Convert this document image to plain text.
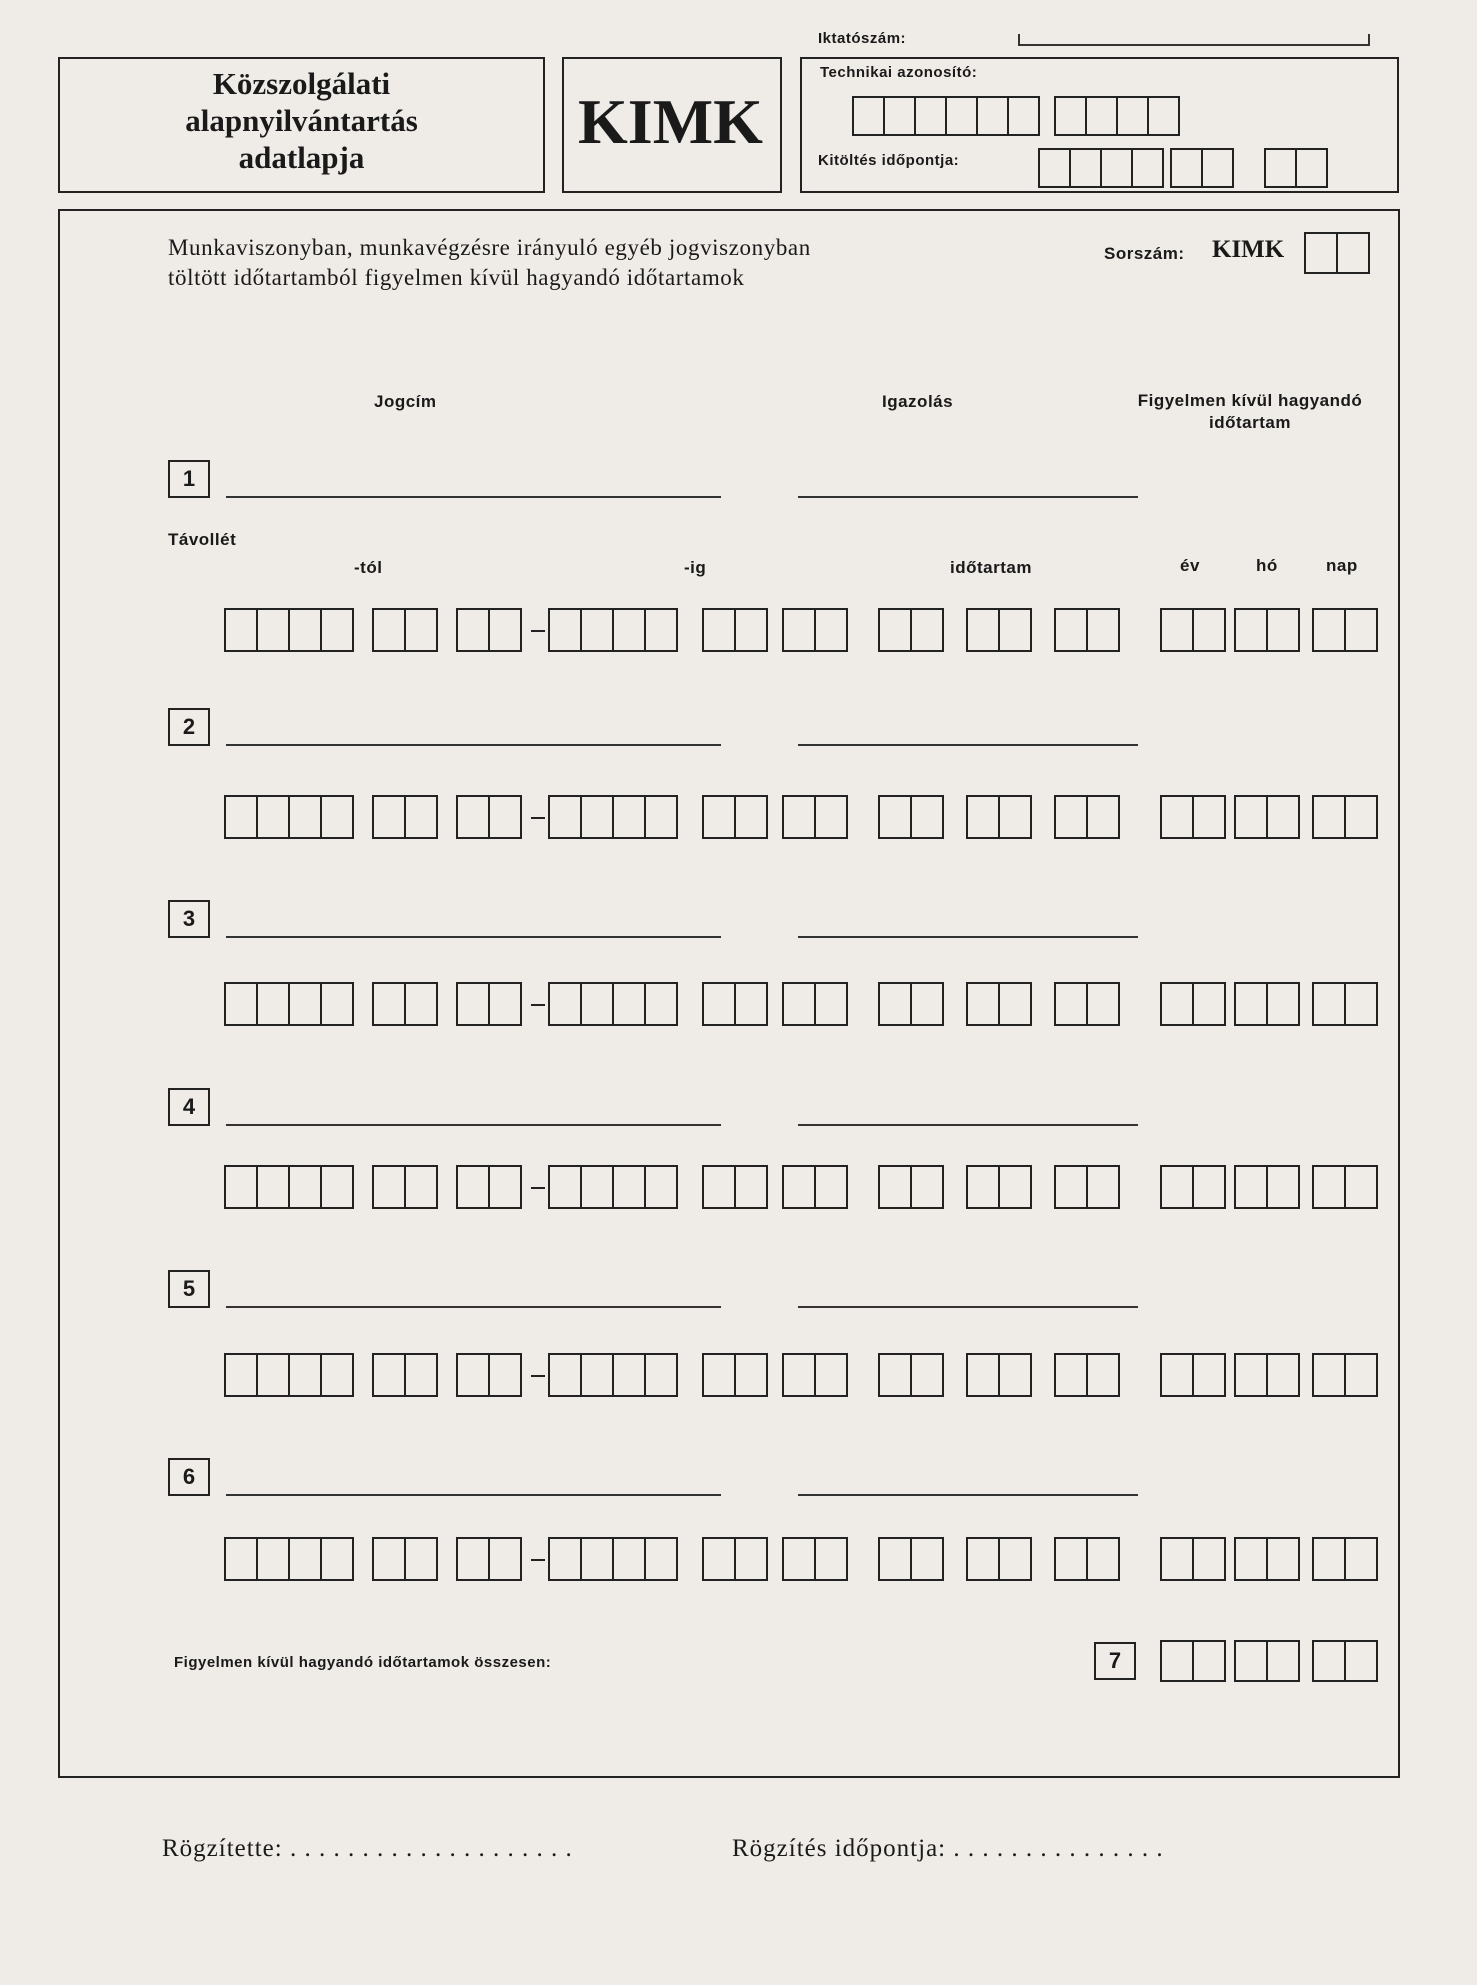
Iktatószám:
Közszolgálati
alapnyilvántartás
adatlapja
KIMK
Technikai azonosító:
Kitöltés időpontja:
Munkaviszonyban, munkavégzésre irányuló egyéb jogviszonyban
töltött időtartamból figyelmen kívül hagyandó időtartamok
Sorszám: KIMK
Jogcím	Igazolás	Figyelmen kívül hagyandó
időtartam
Távollét
-tól	-ig	időtartam	év	hó	nap
1
2
3
4
5
6
7
Figyelmen kívül hagyandó időtartamok összesen:
Rögzítette: . . . . . . . . . . . . . . . . . . . .	Rögzítés időpontja: . . . . . . . . . . . . . . .
